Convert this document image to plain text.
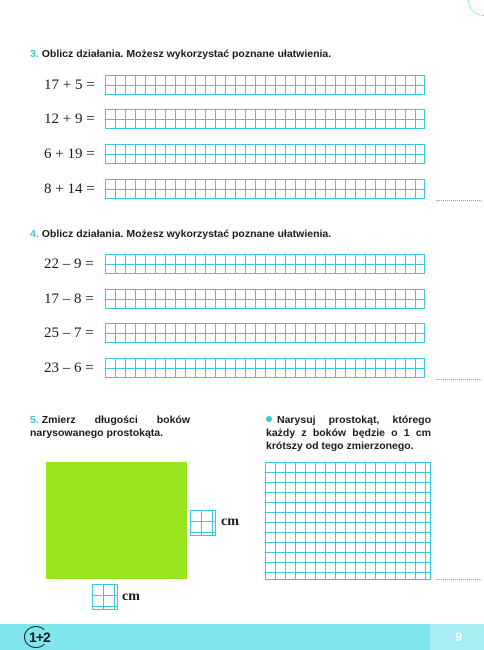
3. Oblicz działania. Możesz wykorzystać poznane ułatwienia.
17 + 5 =
12 + 9 =
6 + 19 =
8 + 14 =
4. Oblicz działania. Możesz wykorzystać poznane ułatwienia.
22 – 9 =
17 – 8 =
25 – 7 =
23 – 6 =
5. Zmierz długości boków narysowanego prostokąta.
cm
cm
Narysuj prostokąt, którego każdy z boków będzie o 1 cm krótszy od tego zmierzonego.
9
1+2
